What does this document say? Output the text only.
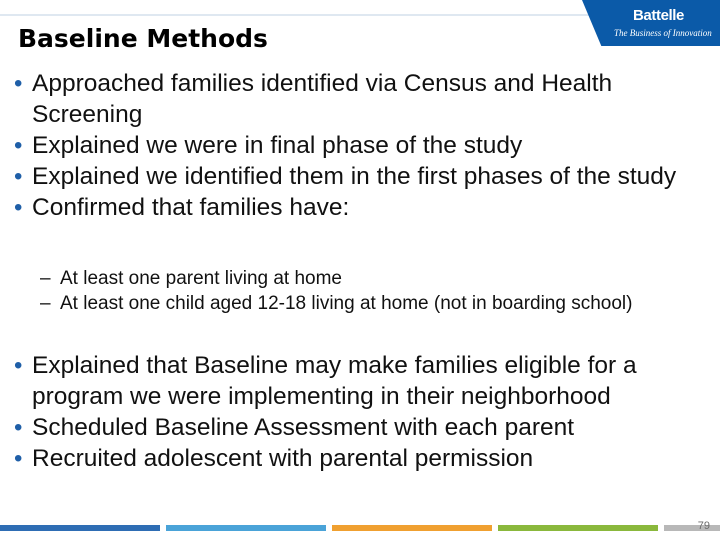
Battelle
The Business of Innovation
Baseline Methods
• Approached families identified via Census and Health Screening
• Explained we were in final phase of the study
• Explained we identified them in the first phases of the study
• Confirmed that families have:
– At least one parent living at home
– At least one child aged 12-18 living at home (not in boarding school)
• Explained that Baseline may make families eligible for a program we were implementing in their neighborhood
• Scheduled Baseline Assessment with each parent
• Recruited adolescent with parental permission
79
